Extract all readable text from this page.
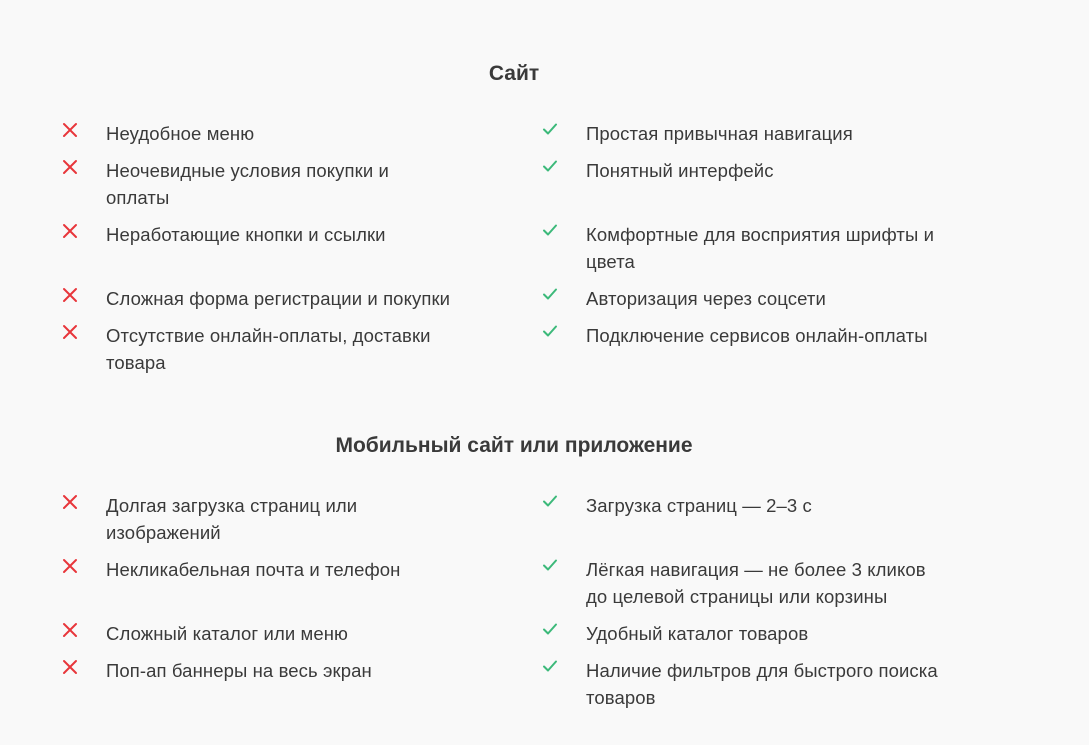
Сайт
Неудобное меню
Неочевидные условия покупки и оплаты
Неработающие кнопки и ссылки
Сложная форма регистрации и покупки
Отсутствие онлайн-оплаты, доставки товара
Простая привычная навигация
Понятный интерфейс
Комфортные для восприятия шрифты и цвета
Авторизация через соцсети
Подключение сервисов онлайн-оплаты
Мобильный сайт или приложение
Долгая загрузка страниц или изображений
Некликабельная почта и телефон
Сложный каталог или меню
Поп-ап баннеры на весь экран
Загрузка страниц — 2–3 с
Лёгкая навигация — не более 3 кликов до целевой страницы или корзины
Удобный каталог товаров
Наличие фильтров для быстрого поиска товаров
